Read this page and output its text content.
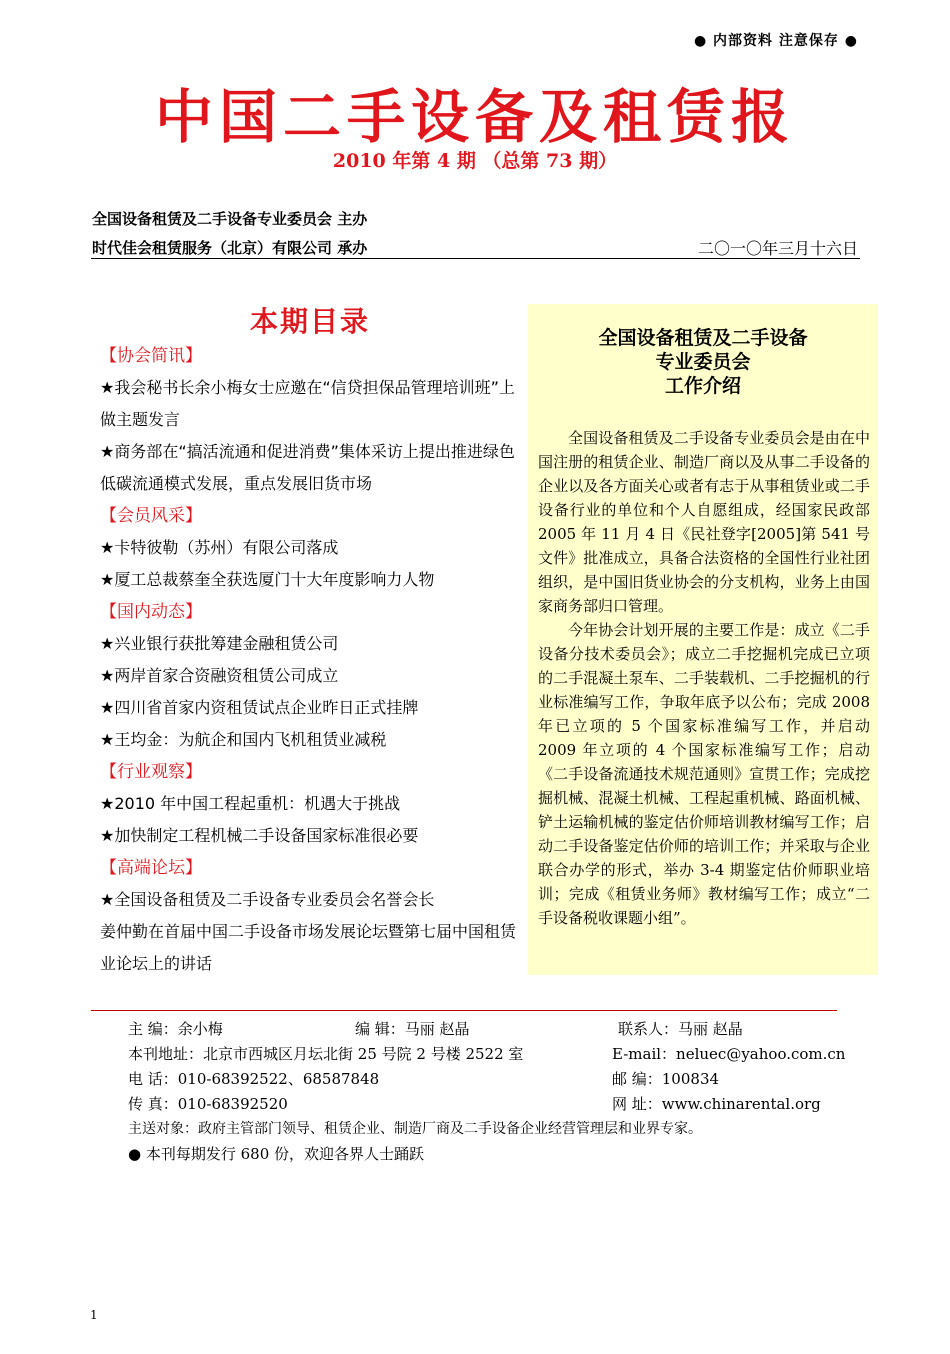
● 内部资料 注意保存 ●
中国二手设备及租赁报
2010 年第 4 期 （总第 73 期）
全国设备租赁及二手设备专业委员会 主办
时代佳会租赁服务（北京）有限公司 承办	二〇一〇年三月十六日
本期目录
【协会简讯】
★我会秘书长余小梅女士应邀在“信贷担保品管理培训班”上做主题发言
★商务部在“搞活流通和促进消费”集体采访上提出推进绿色低碳流通模式发展，重点发展旧货市场
【会员风采】
★卡特彼勒（苏州）有限公司落成
★厦工总裁蔡奎全获选厦门十大年度影响力人物
【国内动态】
★兴业银行获批筹建金融租赁公司
★两岸首家合资融资租赁公司成立
★四川省首家内资租赁试点企业昨日正式挂牌
★王均金：为航企和国内飞机租赁业减税
【行业观察】
★2010 年中国工程起重机：机遇大于挑战
★加快制定工程机械二手设备国家标准很必要
【高端论坛】
★全国设备租赁及二手设备专业委员会名誉会长
姜仲勤在首届中国二手设备市场发展论坛暨第七届中国租赁业论坛上的讲话
全国设备租赁及二手设备
专业委员会
工作介绍

全国设备租赁及二手设备专业委员会是由在中国注册的租赁企业、制造厂商以及从事二手设备的企业以及各方面关心或者有志于从事租赁业或二手设备行业的单位和个人自愿组成，经国家民政部 2005 年 11 月 4 日《民社登字[2005]第 541 号文件》批准成立，具备合法资格的全国性行业社团组织，是中国旧货业协会的分支机构，业务上由国家商务部归口管理。

今年协会计划开展的主要工作是：成立《二手设备分技术委员会》；成立二手挖掘机完成已立项的二手混凝土泵车、二手装载机、二手挖掘机的行业标准编写工作，争取年底予以公布；完成 2008 年已立项的 5 个国家标准编写工作，并启动 2009 年立项的 4 个国家标准编写工作；启动《二手设备流通技术规范通则》宣贯工作；完成挖掘机械、混凝土机械、工程起重机械、路面机械、铲土运输机械的鉴定估价师培训教材编写工作；启动二手设备鉴定估价师的培训工作；并采取与企业联合办学的形式，举办 3-4 期鉴定估价师职业培训；完成《租赁业务师》教材编写工作；成立“二手设备税收课题小组”。

主 编：余小梅	编 辑：马丽 赵晶	联系人：马丽 赵晶
本刊地址：北京市西城区月坛北街 25 号院 2 号楼 2522 室	E-mail：neluec@yahoo.com.cn
电 话：010-68392522、68587848	邮 编：100834
传 真：010-68392520	网 址：www.chinarental.org
主送对象：政府主管部门领导、租赁企业、制造厂商及二手设备企业经营管理层和业界专家。
● 本刊每期发行 680 份，欢迎各界人士踊跃
1
